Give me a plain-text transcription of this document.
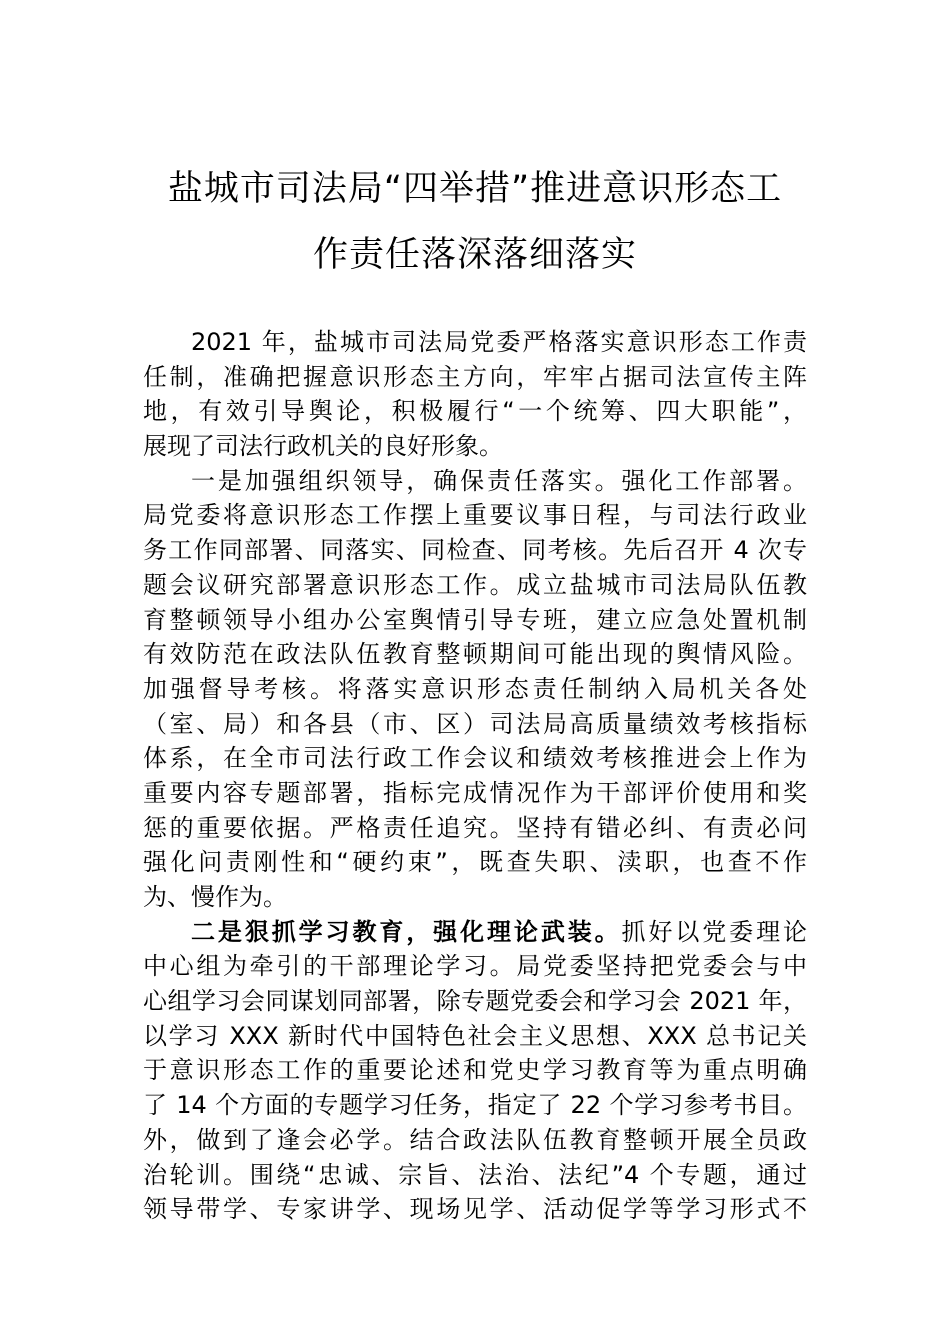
盐城市司法局“四举措”推进意识形态工
作责任落深落细落实
2021 年，盐城市司法局党委严格落实意识形态工作责
任制，准确把握意识形态主方向，牢牢占据司法宣传主阵
地，有效引导舆论，积极履行“一个统筹、四大职能”，
展现了司法行政机关的良好形象。
一是加强组织领导，确保责任落实。强化工作部署。
局党委将意识形态工作摆上重要议事日程，与司法行政业
务工作同部署、同落实、同检查、同考核。先后召开 4 次专
题会议研究部署意识形态工作。成立盐城市司法局队伍教
育整顿领导小组办公室舆情引导专班，建立应急处置机制
有效防范在政法队伍教育整顿期间可能出现的舆情风险。
加强督导考核。将落实意识形态责任制纳入局机关各处
（室、局）和各县（市、区）司法局高质量绩效考核指标
体系，在全市司法行政工作会议和绩效考核推进会上作为
重要内容专题部署，指标完成情况作为干部评价使用和奖
惩的重要依据。严格责任追究。坚持有错必纠、有责必问
强化问责刚性和“硬约束”，既查失职、渎职，也查不作
为、慢作为。
二是狠抓学习教育，强化理论武装。抓好以党委理论
中心组为牵引的干部理论学习。局党委坚持把党委会与中
心组学习会同谋划同部署，除专题党委会和学习会 2021 年，
以学习 XXX 新时代中国特色社会主义思想、XXX 总书记关
于意识形态工作的重要论述和党史学习教育等为重点明确
了 14 个方面的专题学习任务，指定了 22 个学习参考书目。
外，做到了逢会必学。结合政法队伍教育整顿开展全员政
治轮训。围绕“忠诚、宗旨、法治、法纪”4 个专题，通过
领导带学、专家讲学、现场见学、活动促学等学习形式不
